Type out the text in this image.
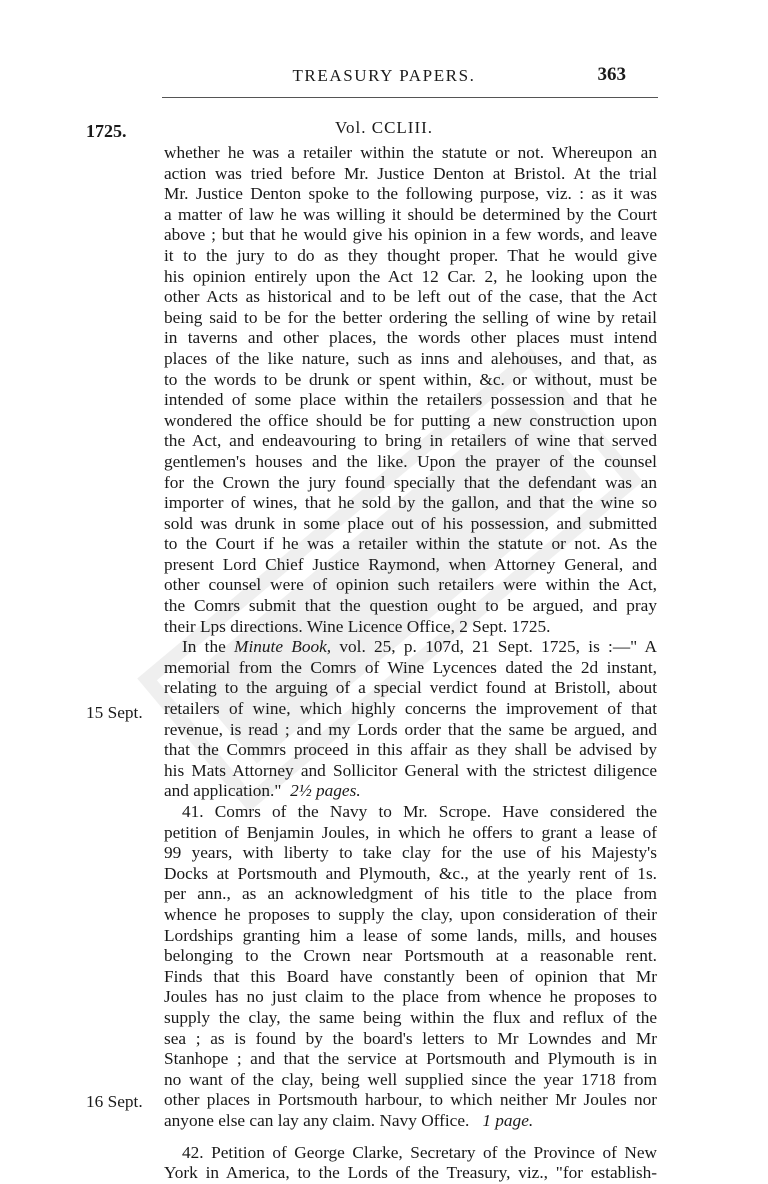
TREASURY PAPERS.	363
1725.	Vol. CCLIII.
whether he was a retailer within the statute or not. Whereupon an
action was tried before Mr. Justice Denton at Bristol. At the trial
Mr. Justice Denton spoke to the following purpose, viz. : as it was
a matter of law he was willing it should be determined by the Court
above ; but that he would give his opinion in a few words, and leave
it to the jury to do as they thought proper. That he would give
his opinion entirely upon the Act 12 Car. 2, he looking upon the
other Acts as historical and to be left out of the case, that the Act
being said to be for the better ordering the selling of wine by retail
in taverns and other places, the words other places must intend
places of the like nature, such as inns and alehouses, and that, as
to the words to be drunk or spent within, &c. or without, must be
intended of some place within the retailers possession and that he
wondered the office should be for putting a new construction upon
the Act, and endeavouring to bring in retailers of wine that served
gentlemen's houses and the like. Upon the prayer of the counsel
for the Crown the jury found specially that the defendant was an
importer of wines, that he sold by the gallon, and that the wine so
sold was drunk in some place out of his possession, and submitted
to the Court if he was a retailer within the statute or not. As the
present Lord Chief Justice Raymond, when Attorney General, and
other counsel were of opinion such retailers were within the Act,
the Comrs submit that the question ought to be argued, and pray
their Lps directions. Wine Licence Office, 2 Sept. 1725.
In the Minute Book, vol. 25, p. 107d, 21 Sept. 1725, is :—" A
memorial from the Comrs of Wine Lycences dated the 2d instant,
relating to the arguing of a special verdict found at Bristoll, about
retailers of wine, which highly concerns the improvement of that
revenue, is read ; and my Lords order that the same be argued, and
that the Commrs proceed in this affair as they shall be advised by
his Mats Attorney and Sollicitor General with the strictest diligence
and application." 2½ pages.
41. Comrs of the Navy to Mr. Scrope. Have considered the
petition of Benjamin Joules, in which he offers to grant a lease of
99 years, with liberty to take clay for the use of his Majesty's
Docks at Portsmouth and Plymouth, &c., at the yearly rent of 1s.
per ann., as an acknowledgment of his title to the place from
whence he proposes to supply the clay, upon consideration of their
Lordships granting him a lease of some lands, mills, and houses
belonging to the Crown near Portsmouth at a reasonable rent.
Finds that this Board have constantly been of opinion that Mr
Joules has no just claim to the place from whence he proposes to
supply the clay, the same being within the flux and reflux of the
sea ; as is found by the board's letters to Mr Lowndes and Mr
Stanhope ; and that the service at Portsmouth and Plymouth is in
no want of the clay, being well supplied since the year 1718 from
other places in Portsmouth harbour, to which neither Mr Joules nor
anyone else can lay any claim. Navy Office. 1 page.
42. Petition of George Clarke, Secretary of the Province of New
York in America, to the Lords of the Treasury, viz., "for establish-
15 Sept.
16 Sept.
